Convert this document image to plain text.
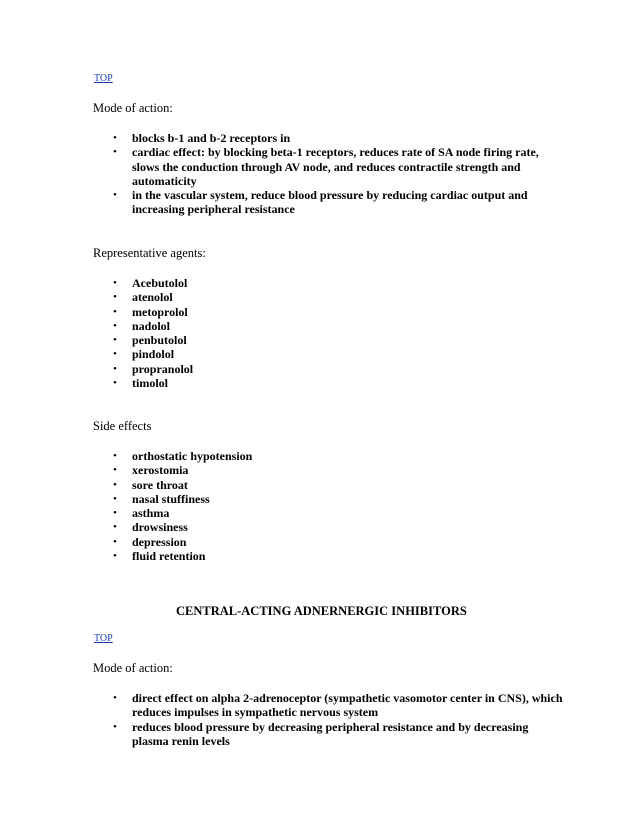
TOP
Mode of action:
• blocks b-1 and b-2 receptors in
• cardiac effect: by blocking beta-1 receptors, reduces rate of SA node firing rate, slows the conduction through AV node, and reduces contractile strength and automaticity
• in the vascular system, reduce blood pressure by reducing cardiac output and increasing peripheral resistance
Representative agents:
• Acebutolol
• atenolol
• metoprolol
• nadolol
• penbutolol
• pindolol
• propranolol
• timolol
Side effects
• orthostatic hypotension
• xerostomia
• sore throat
• nasal stuffiness
• asthma
• drowsiness
• depression
• fluid retention
CENTRAL-ACTING ADNERNERGIC INHIBITORS
TOP
Mode of action:
• direct effect on alpha 2-adrenoceptor (sympathetic vasomotor center in CNS), which reduces impulses in sympathetic nervous system
• reduces blood pressure by decreasing peripheral resistance and by decreasing plasma renin levels
